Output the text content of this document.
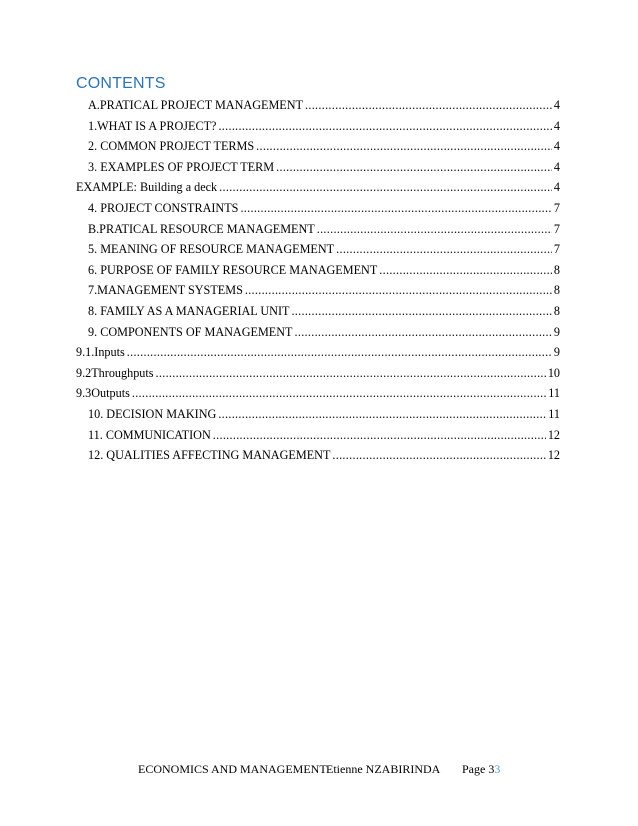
CONTENTS
A.PRATICAL PROJECT MANAGEMENT .....	4
1.WHAT IS A PROJECT? .....	4
2. COMMON PROJECT TERMS .....	4
3. EXAMPLES OF PROJECT TERM .....	4
EXAMPLE: Building a deck .....	4
4. PROJECT CONSTRAINTS .....	7
B.PRATICAL RESOURCE MANAGEMENT .....	7
5. MEANING OF RESOURCE MANAGEMENT .....	7
6. PURPOSE OF FAMILY RESOURCE MANAGEMENT .....	8
7.MANAGEMENT SYSTEMS .....	8
8. FAMILY AS A MANAGERIAL UNIT .....	8
9. COMPONENTS OF MANAGEMENT .....	9
9.1.Inputs .....	9
9.2Throughputs .....	10
9.3Outputs .....	11
10. DECISION MAKING .....	11
11. COMMUNICATION .....	12
12. QUALITIES AFFECTING MANAGEMENT .....	12
ECONOMICS AND MANAGEMENT Etienne NZABIRINDA Page 33
